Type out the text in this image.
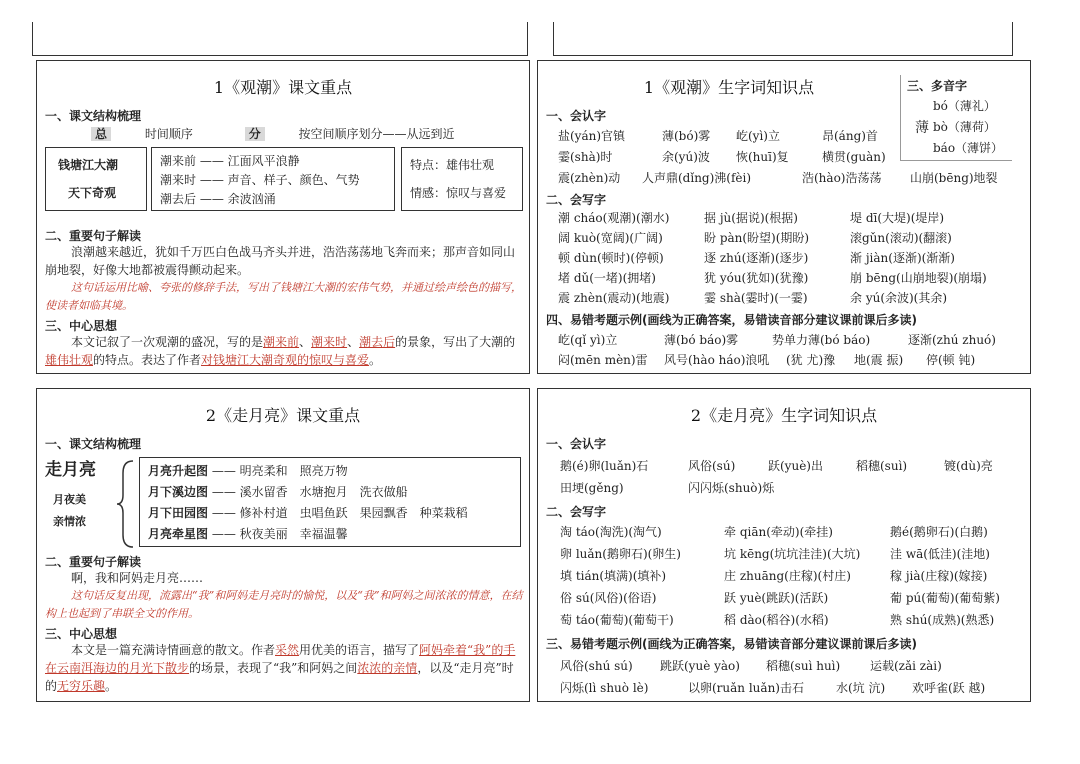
1《观潮》课文重点
一、课文结构梳理
总	时间顺序	分	按空间顺序划分——从远到近
钱塘江大潮
天下奇观
潮来前 —— 江面风平浪静
潮来时 —— 声音、样子、颜色、气势
潮去后 —— 余波汹涌
特点：雄伟壮观
情感：惊叹与喜爱
二、重要句子解读
浪潮越来越近，犹如千万匹白色战马齐头并进，浩浩荡荡地飞奔而来；那声音如同山崩地裂，好像大地都被震得颤动起来。
这句话运用比喻、夸张的修辞手法，写出了钱塘江大潮的宏伟气势，并通过绘声绘色的描写，使读者如临其境。
三、中心思想
本文记叙了一次观潮的盛况，写的是潮来前、潮来时、潮去后的景象，写出了大潮的雄伟壮观的特点。表达了作者对钱塘江大潮奇观的惊叹与喜爱。
1《观潮》生字词知识点	三、多音字
薄
bó（薄礼）
bò（薄荷）
báo（薄饼）
一、会认字
盐(yán)官镇	薄(bó)雾 屹(yì)立	昂(áng)首
霎(shà)时	余(yú)波 恢(huī)复	横贯(guàn)
震(zhèn)动 人声鼎(dǐng)沸(fèi)	浩(hào)浩荡荡 山崩(bēng)地裂
二、会写字
潮 cháo(观潮)(潮水)	据 jù(据说)(根据)	堤 dī(大堤)(堤岸)
阔 kuò(宽阔)(广阔)	盼 pàn(盼望)(期盼)	滚gǔn(滚动)(翻滚)
顿 dùn(顿时)(停顿)	逐 zhú(逐渐)(逐步)	渐 jiàn(逐渐)(渐渐)
堵 dǔ(一堵)(拥堵)	犹 yóu(犹如)(犹豫)	崩 bēng(山崩地裂)(崩塌)
震 zhèn(震动)(地震)	霎 shà(霎时)(一霎)	余 yú(余波)(其余)
四、易错考题示例(画线为正确答案，易错读音部分建议课前课后多读)
屹(qǐ yì)立	薄(bó báo)雾	势单力薄(bó báo)	逐渐(zhú zhuó)
闷(mēn mèn)雷 风号(hào háo)浪吼 (犹 尤)豫 地(震 振) 停(顿 钝)
2《走月亮》课文重点
一、课文结构梳理
走月亮
月夜美
亲情浓
月亮升起图 —— 明亮柔和　照亮万物
月下溪边图 —— 溪水留香　水塘抱月　洗衣做船
月下田园图 —— 修补村道　虫唱鱼跃　果园飘香　种菜栽稻
月亮牵星图 —— 秋夜美丽　幸福温馨
二、重要句子解读
啊，我和阿妈走月亮……
这句话反复出现，流露出“我”和阿妈走月亮时的愉悦，以及“我”和阿妈之间浓浓的情意，在结构上也起到了串联全文的作用。
三、中心思想
本文是一篇充满诗情画意的散文。作者采然用优美的语言，描写了阿妈牵着“我”的手在云南洱海边的月光下散步的场景，表现了“我”和阿妈之间浓浓的亲情，以及“走月亮”时的无穷乐趣。
2《走月亮》生字词知识点
一、会认字
鹅(é)卵(luǎn)石	风俗(sú)	跃(yuè)出	稻穗(suì)	镀(dù)亮
田埂(gěng)	闪闪烁(shuò)烁
二、会写字
淘 táo(淘洗)(淘气)	牵 qiān(牵动)(牵挂)	鹅é(鹅卵石)(白鹅)
卵 luǎn(鹅卵石)(卵生)	坑 kēng(坑坑洼洼)(大坑) 洼 wā(低洼)(洼地)
填 tián(填满)(填补)	庄 zhuāng(庄稼)(村庄)	稼 jià(庄稼)(嫁接)
俗 sú(风俗)(俗语)	跃 yuè(跳跃)(活跃)	葡 pú(葡萄)(葡萄紫)
萄 táo(葡萄)(葡萄干)	稻 dào(稻谷)(水稻)	熟 shú(成熟)(熟悉)
三、易错考题示例(画线为正确答案，易错读音部分建议课前课后多读)
风俗(shú sú) 跳跃(yuè yào) 稻穗(suì huì) 运载(zǎi zài)
闪烁(lì shuò lè)	以卵(ruǎn luǎn)击石	水(坑 沆) 欢呼雀(跃 越)
